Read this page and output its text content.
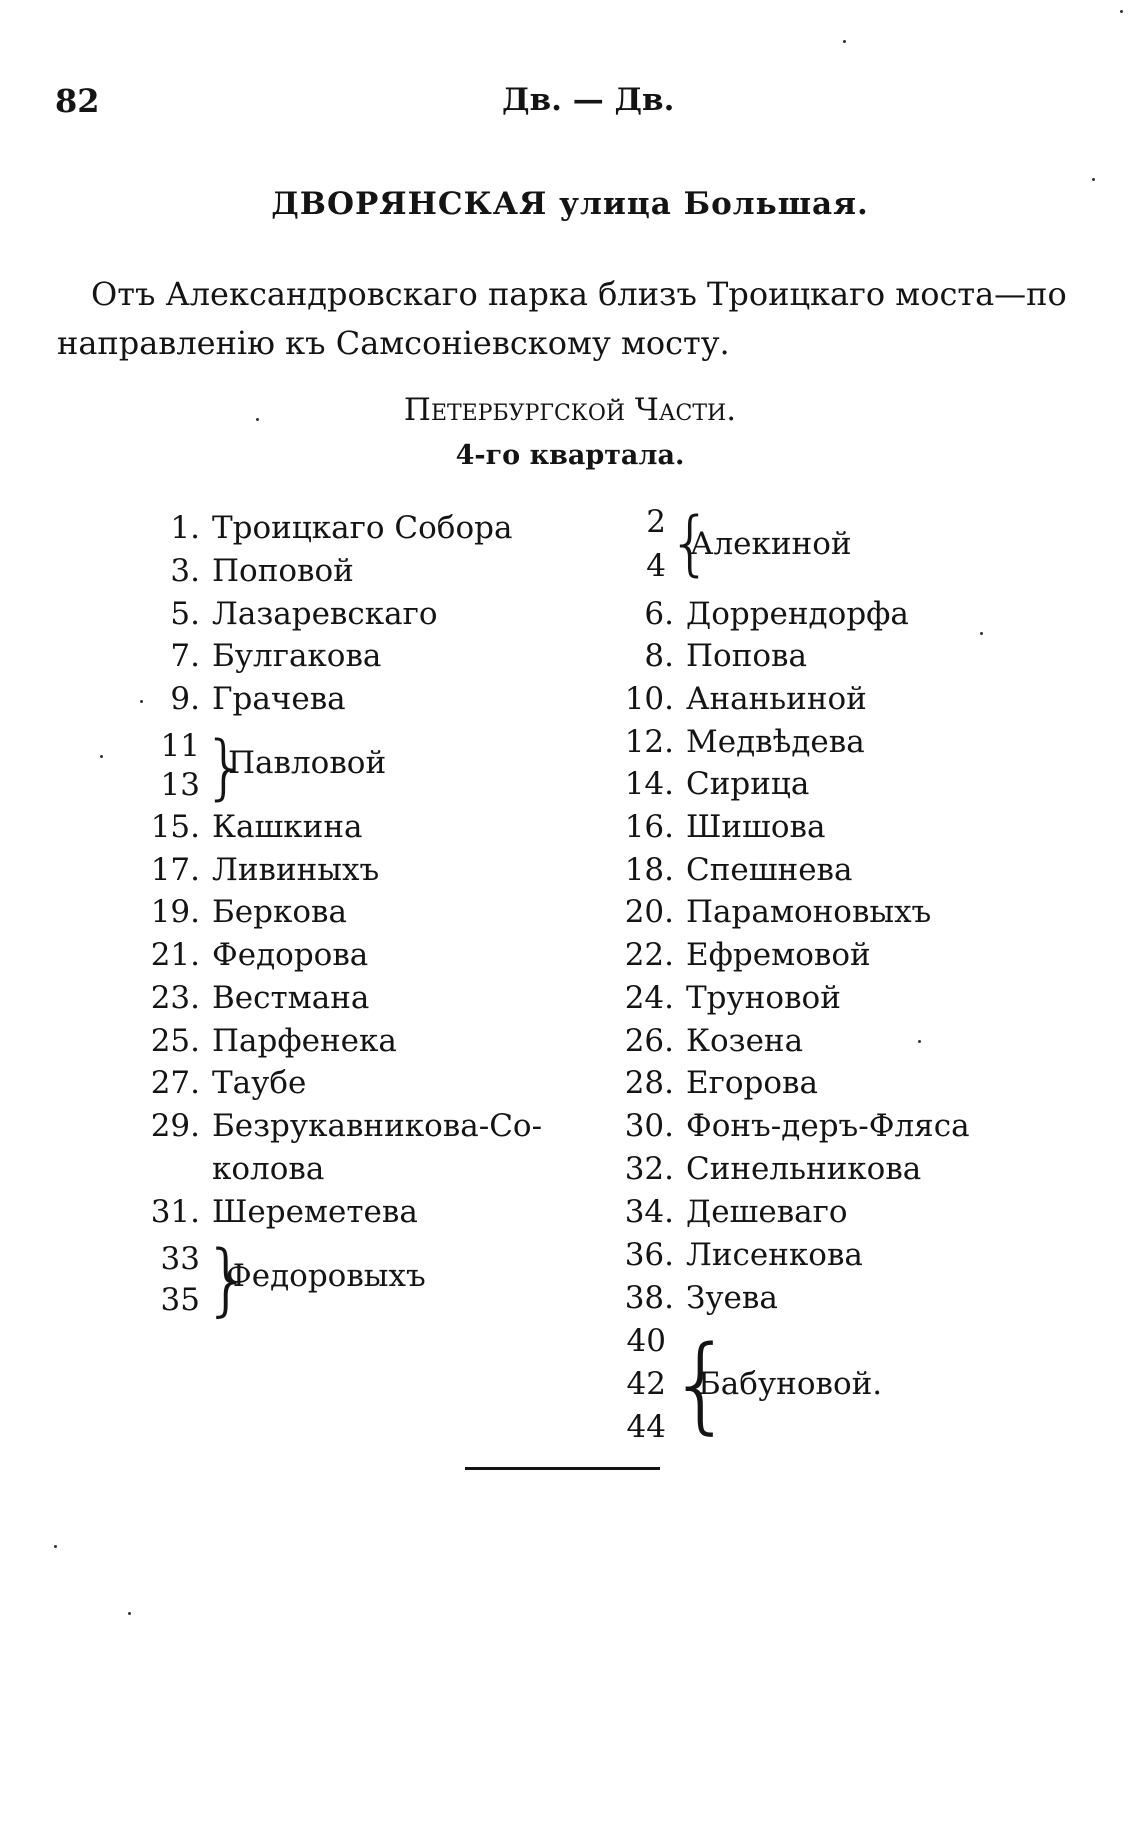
82	Дв. — Дв.
ДВОРЯНСКАЯ улица Большая.
Отъ Александровскаго парка близъ Троицкаго моста—по
направленію къ Самсоніевскому мосту.
Петербургской Части.
4-го квартала.
1. Троицкаго Собора
3. Поповой
5. Лазаревскаго
7. Булгакова
9. Грачева
11
13 }
Павловой
15. Кашкина
17. Ливиныхъ
19. Беркова
21. Федорова
23. Вестмана
25. Парфенека
27. Таубе
29. Безрукавникова-Со-
колова
31. Шереметева
33
35 }
Федоровыхъ
2
4 {
Алекиной
6. Доррендорфа
8. Попова
10. Ананьиной
12. Медвѣдева
14. Сирица
16. Шишова
18. Спешнева
20. Парамоновыхъ
22. Ефремовой
24. Труновой
26. Козена
28. Егорова
30. Фонъ-деръ-Фляса
32. Синельникова
34. Дешеваго
36. Лисенкова
38. Зуева
40
42
44 {
Бабуновой.
